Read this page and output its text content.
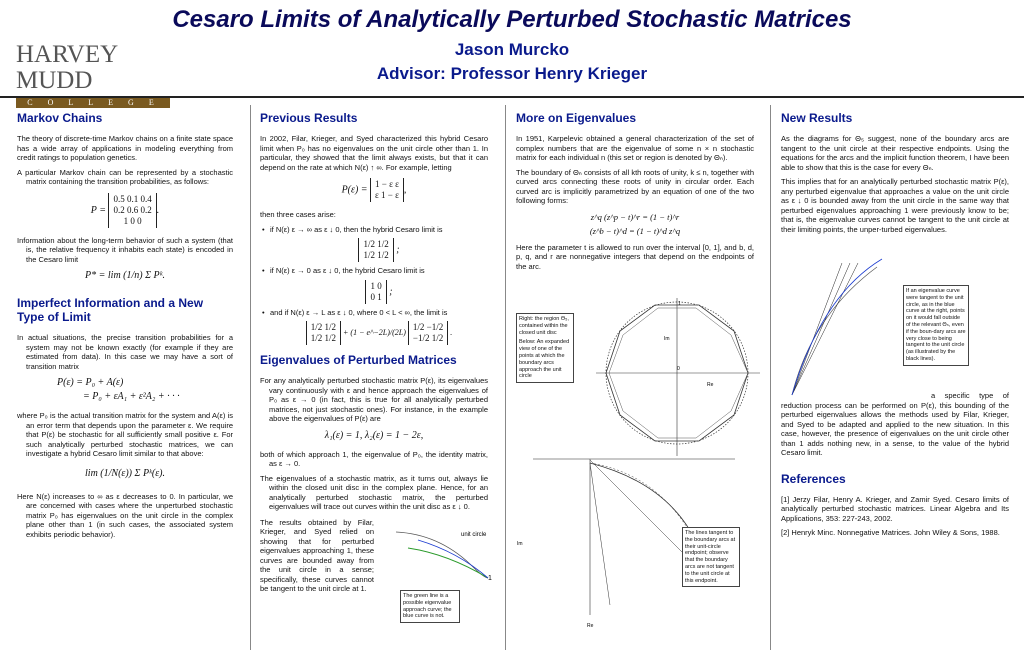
Cesaro Limits of Analytically Perturbed Stochastic Matrices
HARVEY MUDD
COLLEGE
Jason Murcko
Advisor: Professor Henry Krieger
Markov Chains

The theory of discrete-time Markov chains on a finite state space has a wide array of applications in modeling everything from credit ratings to population genetics.

A particular Markov chain can be represented by a stochastic matrix containing the transition probabilities, as follows:

P =
0.5 0.1 0.4
0.2 0.6 0.2
1 0 0
.

Information about the long-term behavior of such a system (that is, the relative frequency it inhabits each state) is encoded in the Cesaro limit

P* = lim (1/n) Σ Pᵏ.
Imperfect Information and a New Type of Limit

In actual situations, the precise transition probabilities for a system may not be known exactly (for example if they are estimated from data). In this case we may have a sort of transition matrix

P(ε) = P₀ + A(ε)
= P₀ + εA₁ + ε²A₂ + · · ·

where P₀ is the actual transition matrix for the system and A(ε) is an error term that depends upon the parameter ε. We require that P(ε) be stochastic for all sufficiently small positive ε. For such analytically perturbed stochastic matrices, we can investigate a hybrid Cesaro limit similar to that above:

lim (1/N(ε)) Σ Pᵏ(ε).

Here N(ε) increases to ∞ as ε decreases to 0. In particular, we are concerned with cases where the unperturbed stochastic matrix P₀ has eigenvalues on the unit circle in the complex plane other than 1 (in such cases, the associated system exhibits periodic behavior).

Previous Results

In 2002, Filar, Krieger, and Syed characterized this hybrid Cesaro limit when P₀ has no eigenvalues on the unit circle other than 1. In particular, they showed that the limit always exists, but that it can depend on the rate at which N(ε) ↑ ∞. For example, letting

P(ε) =
1 − ε ε
ε 1 − ε ,

then three cases arise:

• if N(ε) ε → ∞ as ε ↓ 0, then the hybrid Cesaro limit is
1/2 1/2
1/2 1/2 ;
• if N(ε) ε → 0 as ε ↓ 0, the hybrid Cesaro limit is
1 0
0 1 ;
• and if N(ε) ε → L as ε ↓ 0, where 0 < L < ∞, the limit is
1/2 1/2
1/2 1/2
+ (1 − e^−2L)/(2L)
1/2 −1/2
−1/2 1/2
.
Eigenvalues of Perturbed Matrices

For any analytically perturbed stochastic matrix P(ε), its eigenvalues vary continuously with ε and hence approach the eigenvalues of P₀ as ε → 0 (in fact, this is true for all analytically perturbed matrices, not just stochastic ones). For instance, in the example above the eigenvalues of P(ε) are

λ₁(ε) = 1, λ₂(ε) = 1 − 2ε,

both of which approach 1, the eigenvalue of P₀, the identity matrix, as ε → 0.

The eigenvalues of a stochastic matrix, as it turns out, always lie within the closed unit disc in the complex plane. Hence, for an analytically perturbed stochastic matrix, the perturbed eigenvalues will trace out curves within the unit disc as ε ↓ 0.

The results obtained by Filar, Krieger, and Syed relied on showing that for perturbed eigenvalues approaching 1, these curves are bounded away from the unit circle in a sense; specifically, these curves cannot be tangent to the unit circle at 1.

unit circle
1
The green line is a possible eigenvalue approach curve; the blue curve is not.
More on Eigenvalues

In 1951, Karpelevic obtained a general characterization of the set of complex numbers that are the eigenvalue of some n × n stochastic matrix for each individual n (this set or region is denoted by Θₙ).

The boundary of Θₙ consists of all kth roots of unity, k ≤ n, together with curved arcs connecting these roots of unity in circular order. Each curved arc is implicitly parametrized by an equation of one of the two following forms:

z^q (z^p − t)^r = (1 − t)^r
(z^b − t)^d = (1 − t)^d z^q

Here the parameter t is allowed to run over the interval [0, 1], and b, d, p, q, and r are nonnegative integers that depend on the endpoints of the arc.

Im
Re
0
1
Right: the region Θ₅, contained within the closed unit disc
Below: An expanded view of one of the points at which the boundary arcs approach the unit circle
Im
Re
The lines tangent to the boundary arcs at their unit-circle endpoint; observe that the boundary arcs are not tangent to the unit circle at this endpoint.
New Results

As the diagrams for Θ₅ suggest, none of the boundary arcs are tangent to the unit circle at their respective endpoints. Using the equations for the arcs and the implicit function theorem, I have been able to show that this is the case for every Θₙ.

This implies that for an analytically perturbed stochastic matrix P(ε), any perturbed eigenvalue that approaches a value on the unit circle as ε ↓ 0 is bounded away from the unit circle in the same way that perturbed eigenvalues approaching 1 were previously know to be; that is, the eigenvalue curves cannot be tangent to the unit circle at their limiting points, the unper-turbed eigenvalues.

a specific type of reduction process can be performed on P(ε), this bounding of the perturbed eigenvalues allows the methods used by Filar, Krieger, and Syed to be adapted and applied to the new situation. In this case, however, the presence of eigenvalues on the unit circle other than 1 adds nothing new, in a sense, to the value of the hybrid Cesaro limit.

References

[1] Jerzy Filar, Henry A. Krieger, and Zamir Syed. Cesaro limits of analytically perturbed stochastic matrices. Linear Algebra and Its Applications, 353: 227-243, 2002.

[2] Henryk Minc. Nonnegative Matrices. John Wiley & Sons, 1988.

If an eigenvalue curve were tangent to the unit circle, as in the blue curve at the right, points on it would fall outside of the relevant Θₙ, even if the boun-dary arcs are very close to being tangent to the unit circle (as illustrated by the black lines).
